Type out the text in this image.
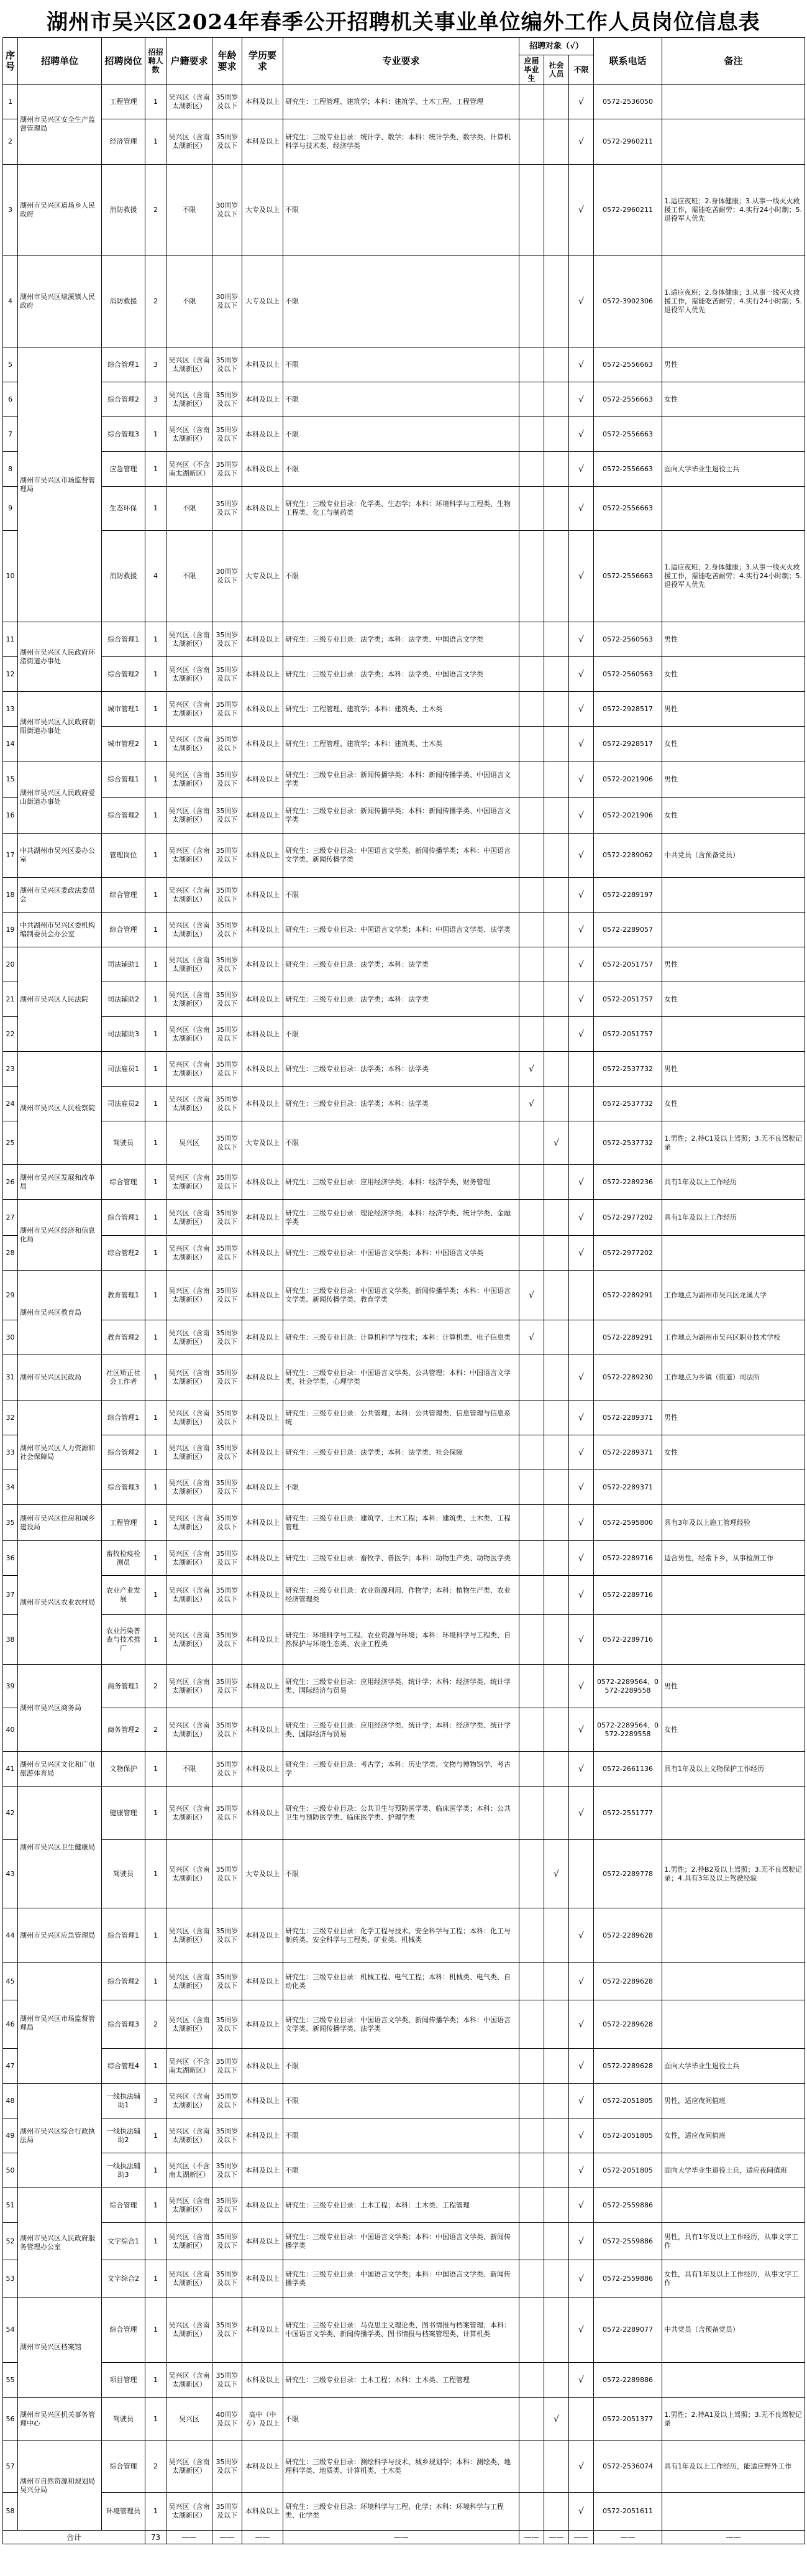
湖州市吴兴区2024年春季公开招聘机关事业单位编外工作人员岗位信息表
序号	招聘单位	招聘岗位	招招聘人数	户籍要求	年龄要求	学历要求	专业要求	招聘对象（√）			联系电话	备注
								应届毕业生	社会人员	不限		
1	湖州市吴兴区安全生产监督管理局	工程管理	1	吴兴区（含南太湖新区）	35周岁及以下	本科及以上	研究生：工程管理、建筑学；本科：建筑学、土木工程、工程管理			√	0572-2536050	
2		经济管理	1	吴兴区（含南太湖新区）	35周岁及以下	本科及以上	研究生：三级专业目录：统计学、数学；本科：统计学类、数学类、计算机科学与技术类、经济学类			√	0572-2960211	
3	湖州市吴兴区道场乡人民政府	消防救援	2	不限	30周岁及以下	大专及以上	不限			√	0572-2960211	1.适应夜班；2.身体健康；3.从事一线灭火救援工作，需能吃苦耐劳；4.实行24小时制；5.退役军人优先
4	湖州市吴兴区埭溪镇人民政府	消防救援	2	不限	30周岁及以下	大专及以上	不限			√	0572-3902306	1.适应夜班；2.身体健康；3.从事一线灭火救援工作，需能吃苦耐劳；4.实行24小时制；5.退役军人优先
5	湖州市吴兴区市场监督管理局	综合管理1	3	吴兴区（含南太湖新区）	35周岁及以下	本科及以上	不限			√	0572-2556663	男性
6		综合管理2	3	吴兴区（含南太湖新区）	35周岁及以下	本科及以上	不限			√	0572-2556663	女性
7		综合管理3	1	吴兴区（含南太湖新区）	35周岁及以下	本科及以上	不限			√	0572-2556663	
8		应急管理	1	吴兴区（不含南太湖新区）	35周岁及以下	本科及以上	不限			√	0572-2556663	面向大学毕业生退役士兵
9		生态环保	1	不限	35周岁及以下	本科及以上	研究生：三级专业目录：化学类、生态学；本科：环境科学与工程类、生物工程类、化工与制药类			√	0572-2556663	
10		消防救援	4	不限	30周岁及以下	大专及以上	不限			√	0572-2556663	1.适应夜班；2.身体健康；3.从事一线灭火救援工作，需能吃苦耐劳；4.实行24小时制；5.退役军人优先
11	湖州市吴兴区人民政府环渚街道办事处	综合管理1	1	吴兴区（含南太湖新区）	35周岁及以下	本科及以上	研究生：三级专业目录：法学类；本科：法学类、中国语言文学类			√	0572-2560563	男性
12		综合管理2	1	吴兴区（含南太湖新区）	35周岁及以下	本科及以上	研究生：三级专业目录：法学类；本科：法学类、中国语言文学类			√	0572-2560563	女性
13	湖州市吴兴区人民政府朝阳街道办事处	城市管理1	1	吴兴区（含南太湖新区）	35周岁及以下	本科及以上	研究生：工程管理、建筑学；本科：建筑类、土木类			√	0572-2928517	男性
14		城市管理2	1	吴兴区（含南太湖新区）	35周岁及以下	本科及以上	研究生：工程管理、建筑学；本科：建筑类、土木类			√	0572-2928517	女性
15	湖州市吴兴区人民政府爱山街道办事处	综合管理1	1	吴兴区（含南太湖新区）	35周岁及以下	本科及以上	研究生：三级专业目录：新闻传播学类；本科：新闻传播学类、中国语言文学类			√	0572-2021906	男性
16		综合管理2	1	吴兴区（含南太湖新区）	35周岁及以下	本科及以上	研究生：三级专业目录：新闻传播学类；本科：新闻传播学类、中国语言文学类			√	0572-2021906	女性
17	中共湖州市吴兴区委办公室	管理岗位	1	吴兴区（含南太湖新区）	35周岁及以下	本科及以上	研究生：三级专业目录：中国语言文学类、新闻传播学类；本科：中国语言文学类、新闻传播学类			√	0572-2289062	中共党员（含预备党员）
18	湖州市吴兴区委政法委员会	综合管理	1	吴兴区（含南太湖新区）	35周岁及以下	本科及以上	不限			√	0572-2289197	
19	中共湖州市吴兴区委机构编制委员会办公室	综合管理	1	吴兴区（含南太湖新区）	35周岁及以下	本科及以上	研究生：三级专业目录：中国语言文学类；本科：中国语言文学类、法学类			√	0572-2289057	
20	湖州市吴兴区人民法院	司法辅助1	1	吴兴区（含南太湖新区）	35周岁及以下	本科及以上	研究生：三级专业目录：法学类；本科：法学类			√	0572-2051757	男性
21		司法辅助2	1	吴兴区（含南太湖新区）	35周岁及以下	本科及以上	研究生：三级专业目录：法学类；本科：法学类			√	0572-2051757	女性
22		司法辅助3	1	吴兴区（含南太湖新区）	35周岁及以下	本科及以上	不限			√	0572-2051757	
23	湖州市吴兴区人民检察院	司法雇员1	1	吴兴区（含南太湖新区）	35周岁及以下	本科及以上	研究生：三级专业目录：法学类；本科：法学类	√			0572-2537732	男性
24		司法雇员2	1	吴兴区（含南太湖新区）	35周岁及以下	本科及以上	研究生：三级专业目录：法学类；本科：法学类	√			0572-2537732	女性
25		驾驶员	1	吴兴区	35周岁及以下	大专及以上	不限		√		0572-2537732	1.男性；2.持C1及以上驾照；3.无不良驾驶记录
26	湖州市吴兴区发展和改革局	综合管理	1	吴兴区（含南太湖新区）	35周岁及以下	本科及以上	研究生：三级专业目录：应用经济学类；本科：经济学类、财务管理			√	0572-2289236	具有1年及以上工作经历
27	湖州市吴兴区经济和信息化局	综合管理1	1	吴兴区（含南太湖新区）	35周岁及以下	本科及以上	研究生：三级专业目录：理论经济学类；本科：经济学类、统计学类、金融学类			√	0572-2977202	具有1年及以上工作经历
28		综合管理2	1	吴兴区（含南太湖新区）	35周岁及以下	本科及以上	研究生：三级专业目录：中国语言文学类；本科：中国语言文学类			√	0572-2977202	
29	湖州市吴兴区教育局	教育管理1	1	吴兴区（含南太湖新区）	35周岁及以下	本科及以上	研究生：三级专业目录：中国语言文学类、新闻传播学类；本科：中国语言文学类、新闻传播学类、教育学类	√			0572-2289291	工作地点为湖州市吴兴区龙溪大学
30		教育管理2	1	吴兴区（含南太湖新区）	35周岁及以下	本科及以上	研究生：三级专业目录：计算机科学与技术；本科：计算机类、电子信息类	√			0572-2289291	工作地点为湖州市吴兴区职业技术学校
31	湖州市吴兴区民政局	社区矫正社会工作者	1	吴兴区（含南太湖新区）	35周岁及以下	本科及以上	研究生：三级专业目录：中国语言文学类、公共管理；本科：中国语言文学类、社会学类、心理学类			√	0572-2289230	工作地点为乡镇（街道）司法所
32	湖州市吴兴区人力资源和社会保障局	综合管理1	1	吴兴区（含南太湖新区）	35周岁及以下	本科及以上	研究生：三级专业目录：公共管理；本科：公共管理类、信息管理与信息系统			√	0572-2289371	男性
33		综合管理2	1	吴兴区（含南太湖新区）	35周岁及以下	本科及以上	研究生：三级专业目录：法学类；本科：法学类、社会保障			√	0572-2289371	女性
34		综合管理3	1	吴兴区（含南太湖新区）	35周岁及以下	本科及以上	不限			√	0572-2289371	
35	湖州市吴兴区住房和城乡建设局	工程管理	1	吴兴区（含南太湖新区）	35周岁及以下	本科及以上	研究生：三级专业目录：建筑学、土木工程；本科：建筑类、土木类、工程管理			√	0572-2595800	具有3年及以上施工管理经验
36	湖州市吴兴区农业农村局	畜牧检疫检测员	1	吴兴区（含南太湖新区）	35周岁及以下	本科及以上	研究生：三级专业目录：畜牧学、兽医学；本科：动物生产类、动物医学类			√	0572-2289716	适合男性，经常下乡，从事检测工作
37		农业产业发展	1	吴兴区（含南太湖新区）	35周岁及以下	本科及以上	研究生：三级专业目录：农业资源利用、作物学；本科：植物生产类、农业经济管理类			√	0572-2289716	
38		农业污染普查与技术推广	1	吴兴区（含南太湖新区）	35周岁及以下	本科及以上	研究生：环境科学与工程、农业资源与环境；本科：环境科学与工程类、自然保护与环境生态类、农业工程类			√	0572-2289716	
39	湖州市吴兴区商务局	商务管理1	2	吴兴区（含南太湖新区）	35周岁及以下	本科及以上	研究生：三级专业目录：应用经济学类、统计学；本科：经济学类、统计学类、国际经济与贸易			√	0572-2289564、0572-2289558	男性
40		商务管理2	2	吴兴区（含南太湖新区）	35周岁及以下	本科及以上	研究生：三级专业目录：应用经济学类、统计学；本科：经济学类、统计学类、国际经济与贸易			√	0572-2289564、0572-2289558	女性
41	湖州市吴兴区文化和广电旅游体育局	文物保护	1	不限	35周岁及以下	本科及以上	研究生：三级专业目录：考古学；本科：历史学类、文物与博物馆学、考古学			√	0572-2661136	具有1年及以上文物保护工作经历
42	湖州市吴兴区卫生健康局	健康管理	1	吴兴区（含南太湖新区）	35周岁及以下	本科及以上	研究生：三级专业目录：公共卫生与预防医学类、临床医学类；本科：公共卫生与预防医学类、临床医学类、护理学类			√	0572-2551777	
43		驾驶员	1	吴兴区（含南太湖新区）	35周岁及以下	大专及以上	不限		√		0572-2289778	1.男性；2.持B2及以上驾照；3.无不良驾驶记录；4.具有3年及以上驾驶经验
44	湖州市吴兴区应急管理局	综合管理1	1	吴兴区（含南太湖新区）	35周岁及以下	本科及以上	研究生：三级专业目录：化学工程与技术、安全科学与工程；本科：化工与制药类、安全科学与工程类、矿业类、机械类			√	0572-2289628	
45	湖州市吴兴区市场监督管理局	综合管理2	1	吴兴区（含南太湖新区）	35周岁及以下	本科及以上	研究生：三级专业目录：机械工程、电气工程；本科：机械类、电气类、自动化类			√	0572-2289628	
46		综合管理3	2	吴兴区（含南太湖新区）	35周岁及以下	本科及以上	研究生：三级专业目录：中国语言文学类、新闻传播学类；本科：中国语言文学类、新闻传播学类、法学类			√	0572-2289628	
47		综合管理4	1	吴兴区（不含南太湖新区）	35周岁及以下	本科及以上	不限			√	0572-2289628	面向大学毕业生退役士兵
48	湖州市吴兴区综合行政执法局	一线执法辅助1	3	吴兴区（含南太湖新区）	35周岁及以下	本科及以上	不限			√	0572-2051805	男性，适应夜间值班
49		一线执法辅助2	1	吴兴区（含南太湖新区）	35周岁及以下	本科及以上	不限			√	0572-2051805	女性，适应夜间值班
50		一线执法辅助3	1	吴兴区（不含南太湖新区）	35周岁及以下	本科及以上	不限			√	0572-2051805	面向大学毕业生退役士兵，适应夜间值班
51	湖州市吴兴区人民政府服务管理办公室	综合管理	1	吴兴区（含南太湖新区）	35周岁及以下	本科及以上	研究生：三级专业目录：土木工程；本科：土木类、工程管理			√	0572-2559886	
52		文字综合1	1	吴兴区（含南太湖新区）	35周岁及以下	本科及以上	研究生：三级专业目录：中国语言文学类；本科：中国语言文学类、新闻传播学类			√	0572-2559886	男性，具有1年及以上工作经历，从事文字工作
53		文字综合2	1	吴兴区（含南太湖新区）	35周岁及以下	本科及以上	研究生：三级专业目录：中国语言文学类；本科：中国语言文学类、新闻传播学类			√	0572-2559886	女性，具有1年及以上工作经历，从事文字工作
54	湖州市吴兴区档案馆	综合管理	1	吴兴区（含南太湖新区）	35周岁及以下	本科及以上	研究生：三级专业目录：马克思主义理论类、图书情报与档案管理；本科：中国语言文学类、新闻传播学类、图书情报与档案管理类、计算机类			√	0572-2289077	中共党员（含预备党员）
55		项目管理	1	吴兴区（含南太湖新区）	35周岁及以下	本科及以上	研究生：三级专业目录：土木工程；本科：土木类、工程管理			√	0572-2289886	
56	湖州市吴兴区机关事务管理中心	驾驶员	1	吴兴区	40周岁及以下	高中（中专）及以上	不限		√		0572-2051377	1.男性；2.持A1及以上驾照；3.无不良驾驶记录
57	湖州市自然资源和规划局吴兴分局	综合管理	2	吴兴区（含南太湖新区）	35周岁及以下	本科及以上	研究生：三级专业目录：测绘科学与技术、城乡规划学；本科：测绘类、地理科学类、地质类、计算机类、土木类			√	0572-2536074	具有1年及以上工作经历，能适应野外工作
58		环境管理员	1	吴兴区（含南太湖新区）	35周岁及以下	本科及以上	研究生：三级专业目录：环境科学与工程、化学；本科：环境科学与工程类、化学类			√	0572-2051611	
合计			73	——	——	——	——	——	——	——	——	——
